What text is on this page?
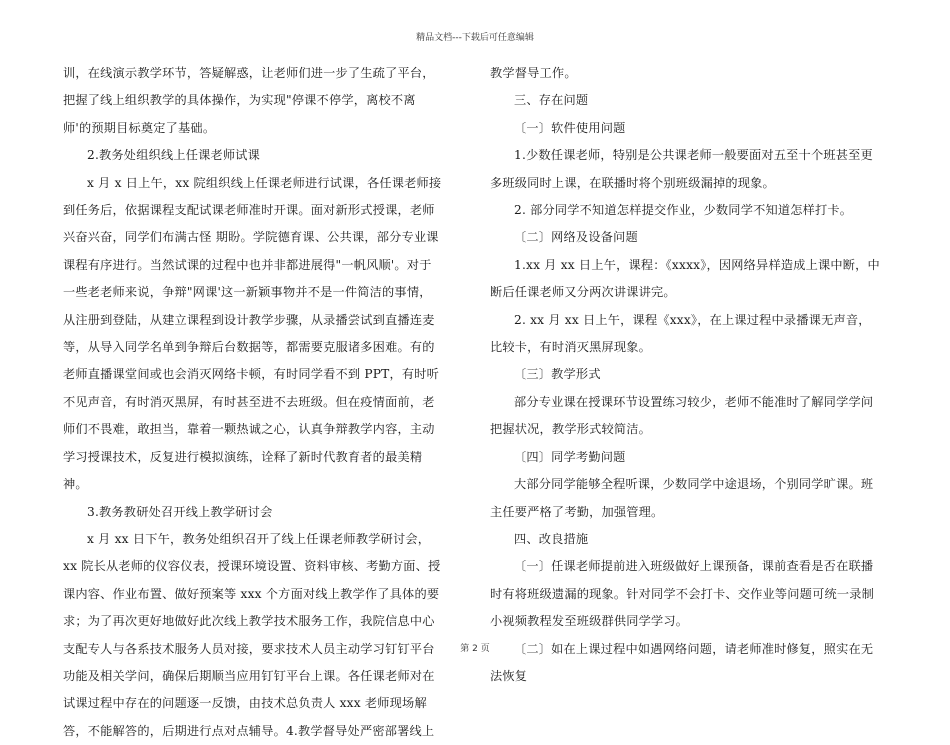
精品文档---下载后可任意编辑

训，在线演示教学环节，答疑解惑，让老师们进一步了生疏了平台，把握了线上组织教学的具体操作，为实现"停课不停学，离校不离师'的预期目标奠定了基础。

2.教务处组织线上任课老师试课

x 月 x 日上午，xx 院组织线上任课老师进行试课，各任课老师接到任务后，依据课程支配试课老师准时开课。面对新形式授课，老师兴奋兴奋，同学们布满古怪 期盼。学院德育课、公共课，部分专业课课程有序进行。当然试课的过程中也并非都进展得"一帆风顺'。对于一些老老师来说，争辩"网课'这一新颖事物并不是一件简洁的事情，从注册到登陆，从建立课程到设计教学步骤，从录播尝试到直播连麦等，从导入同学名单到争辩后台数据等，都需要克服诸多困难。有的老师直播课堂间或也会消灭网络卡顿，有时同学看不到 PPT，有时听不见声音，有时消灭黑屏，有时甚至进不去班级。但在疫情面前，老师们不畏难，敢担当，靠着一颗热诚之心，认真争辩教学内容，主动学习授课技术，反复进行模拟演练，诠释了新时代教育者的最美精神。

3.教务教研处召开线上教学研讨会

x 月 xx 日下午，教务处组织召开了线上任课老师教学研讨会，xx 院长从老师的仪容仪表，授课环境设置、资料审核、考勤方面、授课内容、作业布置、做好预案等 xxx 个方面对线上教学作了具体的要求；为了再次更好地做好此次线上教学技术服务工作，我院信息中心支配专人与各系技术服务人员对接，要求技术人员主动学习钉钉平台功能及相关学问，确保后期顺当应用钉钉平台上课。各任课老师对在试课过程中存在的问题逐一反馈，由技术总负责人 xxx 老师现场解答，不能解答的，后期进行点对点辅导。4.教学督导处严密部署线上

教学督导工作。

三、存在问题

〔一〕软件使用问题

1.少数任课老师，特别是公共课老师一般要面对五至十个班甚至更多班级同时上课，在联播时将个别班级漏掉的现象。

2. 部分同学不知道怎样提交作业，少数同学不知道怎样打卡。

〔二〕网络及设备问题

1.xx 月 xx 日上午，课程：《xxxx》，因网络异样造成上课中断，中断后任课老师又分两次讲课讲完。

2. xx 月 xx 日上午，课程《xxx》，在上课过程中录播课无声音，比较卡，有时消灭黑屏现象。

〔三〕教学形式

部分专业课在授课环节设置练习较少，老师不能准时了解同学学问把握状况，教学形式较简洁。

〔四〕同学考勤问题

大部分同学能够全程听课，少数同学中途退场，个别同学旷课。班主任要严格了考勤，加强管理。

四、改良措施

〔一〕任课老师提前进入班级做好上课预备，课前查看是否在联播时有将班级遗漏的现象。针对同学不会打卡、交作业等问题可统一录制小视频教程发至班级群供同学学习。

〔二〕如在上课过程中如遇网络问题，请老师准时修复，照实在无法恢复

第 2 页
